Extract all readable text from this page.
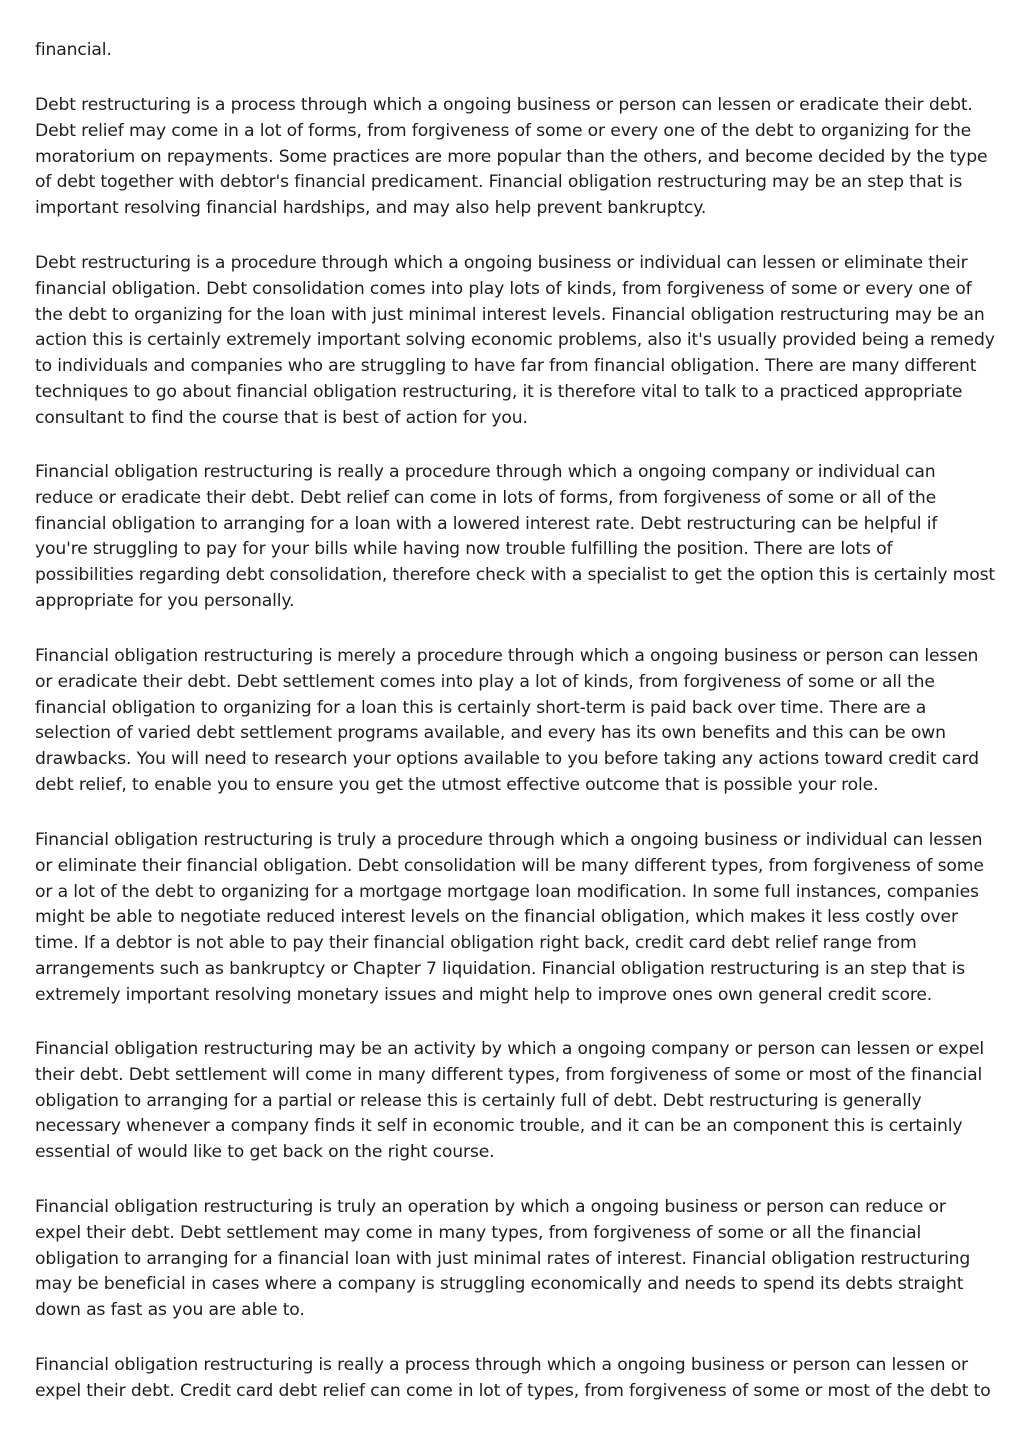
financial.

Debt restructuring is a process through which a ongoing business or person can lessen or eradicate their debt. Debt relief may come in a lot of forms, from forgiveness of some or every one of the debt to organizing for the moratorium on repayments. Some practices are more popular than the others, and become decided by the type of debt together with debtor's financial predicament. Financial obligation restructuring may be an step that is important resolving financial hardships, and may also help prevent bankruptcy.

Debt restructuring is a procedure through which a ongoing business or individual can lessen or eliminate their financial obligation. Debt consolidation comes into play lots of kinds, from forgiveness of some or every one of the debt to organizing for the loan with just minimal interest levels. Financial obligation restructuring may be an action this is certainly extremely important solving economic problems, also it's usually provided being a remedy to individuals and companies who are struggling to have far from financial obligation. There are many different techniques to go about financial obligation restructuring, it is therefore vital to talk to a practiced appropriate consultant to find the course that is best of action for you.

Financial obligation restructuring is really a procedure through which a ongoing company or individual can reduce or eradicate their debt. Debt relief can come in lots of forms, from forgiveness of some or all of the financial obligation to arranging for a loan with a lowered interest rate. Debt restructuring can be helpful if you're struggling to pay for your bills while having now trouble fulfilling the position. There are lots of possibilities regarding debt consolidation, therefore check with a specialist to get the option this is certainly most appropriate for you personally.

Financial obligation restructuring is merely a procedure through which a ongoing business or person can lessen or eradicate their debt. Debt settlement comes into play a lot of kinds, from forgiveness of some or all the financial obligation to organizing for a loan this is certainly short-term is paid back over time. There are a selection of varied debt settlement programs available, and every has its own benefits and this can be own drawbacks. You will need to research your options available to you before taking any actions toward credit card debt relief, to enable you to ensure you get the utmost effective outcome that is possible your role.

Financial obligation restructuring is truly a procedure through which a ongoing business or individual can lessen or eliminate their financial obligation. Debt consolidation will be many different types, from forgiveness of some or a lot of the debt to organizing for a mortgage mortgage loan modification. In some full instances, companies might be able to negotiate reduced interest levels on the financial obligation, which makes it less costly over time. If a debtor is not able to pay their financial obligation right back, credit card debt relief range from arrangements such as bankruptcy or Chapter 7 liquidation. Financial obligation restructuring is an step that is extremely important resolving monetary issues and might help to improve ones own general credit score.

Financial obligation restructuring may be an activity by which a ongoing company or person can lessen or expel their debt. Debt settlement will come in many different types, from forgiveness of some or most of the financial obligation to arranging for a partial or release this is certainly full of debt. Debt restructuring is generally necessary whenever a company finds it self in economic trouble, and it can be an component this is certainly essential of would like to get back on the right course.

Financial obligation restructuring is truly an operation by which a ongoing business or person can reduce or expel their debt. Debt settlement may come in many types, from forgiveness of some or all the financial obligation to arranging for a financial loan with just minimal rates of interest. Financial obligation restructuring may be beneficial in cases where a company is struggling economically and needs to spend its debts straight down as fast as you are able to.

Financial obligation restructuring is really a process through which a ongoing business or person can lessen or expel their debt. Credit card debt relief can come in lot of types, from forgiveness of some or most of the debt to
